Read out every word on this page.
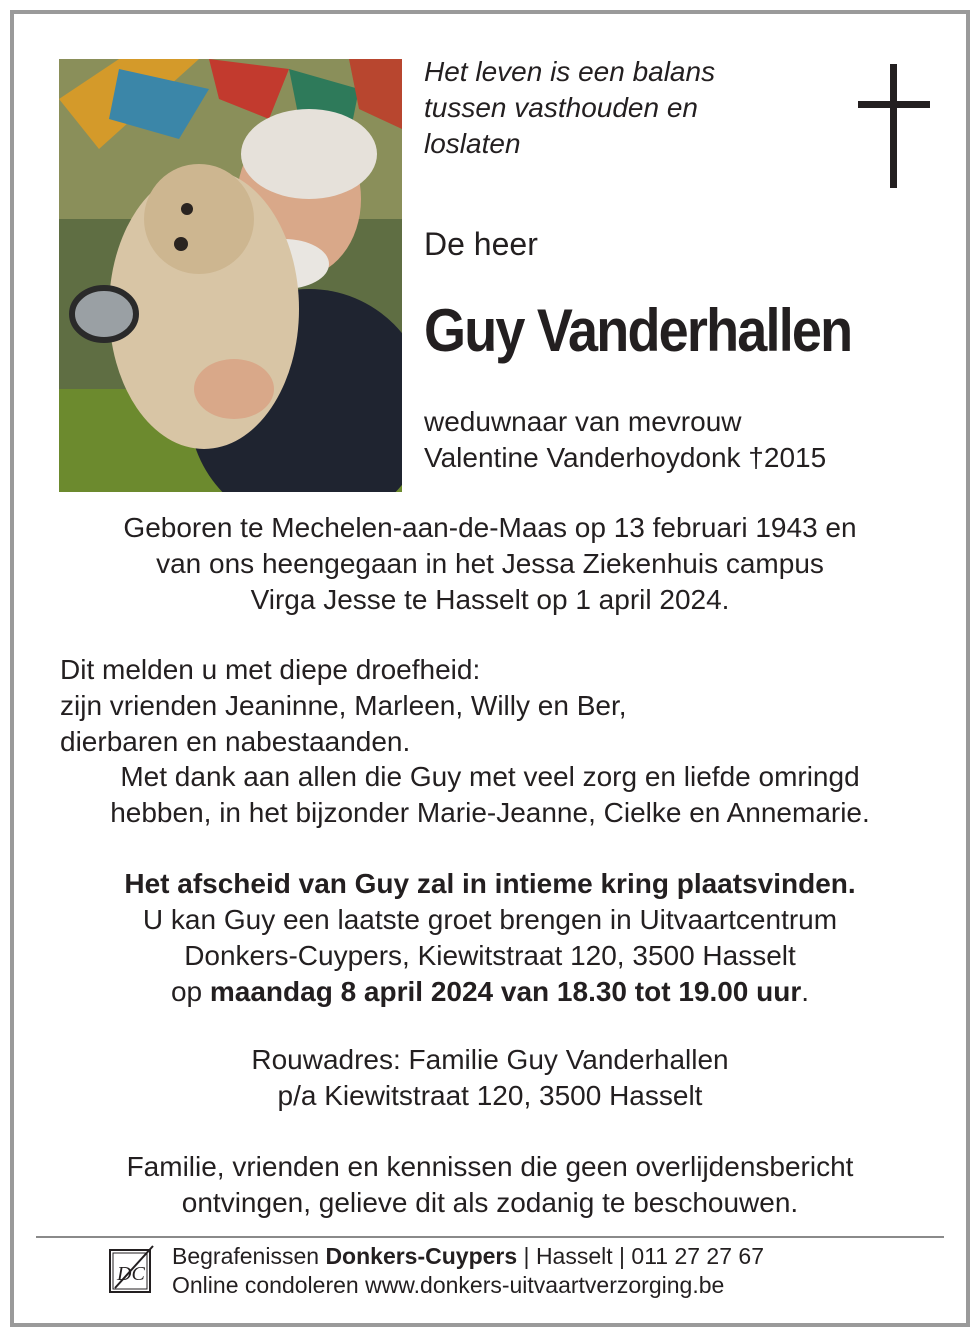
Het leven is een balans
tussen vasthouden en
loslaten

De heer

Guy Vanderhallen

weduwnaar van mevrouw
Valentine Vanderhoydonk †2015

Geboren te Mechelen-aan-de-Maas op 13 februari 1943 en
van ons heengegaan in het Jessa Ziekenhuis campus
Virga Jesse te Hasselt op 1 april 2024.

Dit melden u met diepe droefheid:
zijn vrienden Jeaninne, Marleen, Willy en Ber,
dierbaren en nabestaanden.

Met dank aan allen die Guy met veel zorg en liefde omringd
hebben, in het bijzonder Marie-Jeanne, Cielke en Annemarie.

Het afscheid van Guy zal in intieme kring plaatsvinden.
U kan Guy een laatste groet brengen in Uitvaartcentrum
Donkers-Cuypers, Kiewitstraat 120, 3500 Hasselt
op maandag 8 april 2024 van 18.30 tot 19.00 uur.

Rouwadres: Familie Guy Vanderhallen
p/a Kiewitstraat 120, 3500 Hasselt

Familie, vrienden en kennissen die geen overlijdensbericht
ontvingen, gelieve dit als zodanig te beschouwen.

DC
Begrafenissen Donkers-Cuypers | Hasselt | 011 27 27 67
Online condoleren www.donkers-uitvaartverzorging.be
